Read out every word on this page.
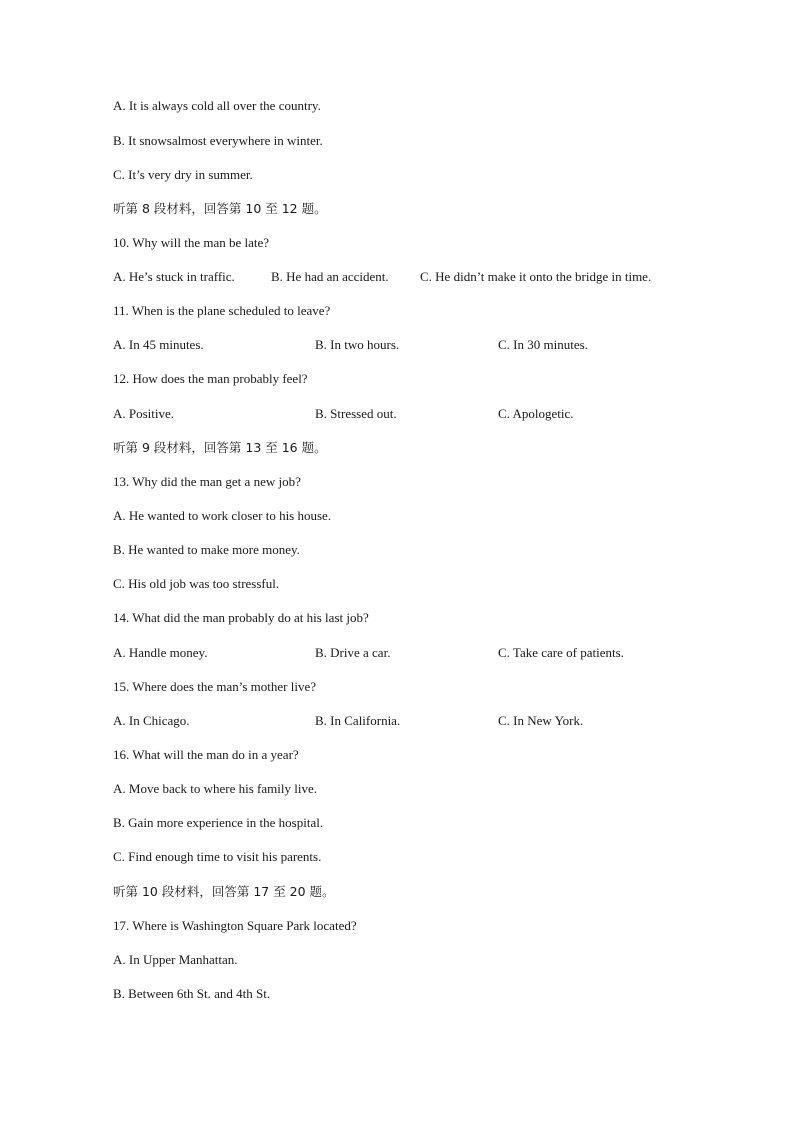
A. It is always cold all over the country.
B. It snowsalmost everywhere in winter.
C. It’s very dry in summer.
听第 8 段材料，回答第 10 至 12 题。
10. Why will the man be late?
A. He’s stuck in traffic.	B. He had an accident. C. He didn’t make it onto the bridge in time.
11. When is the plane scheduled to leave?
A. In 45 minutes.	B. In two hours.	C. In 30 minutes.
12. How does the man probably feel?
A. Positive.	B. Stressed out.	C. Apologetic.
听第 9 段材料，回答第 13 至 16 题。
13. Why did the man get a new job?
A. He wanted to work closer to his house.
B. He wanted to make more money.
C. His old job was too stressful.
14. What did the man probably do at his last job?
A. Handle money.	B. Drive a car.	C. Take care of patients.
15. Where does the man’s mother live?
A. In Chicago.	B. In California.	C. In New York.
16. What will the man do in a year?
A. Move back to where his family live.
B. Gain more experience in the hospital.
C. Find enough time to visit his parents.
听第 10 段材料，回答第 17 至 20 题。
17. Where is Washington Square Park located?
A. In Upper Manhattan.
B. Between 6th St. and 4th St.
